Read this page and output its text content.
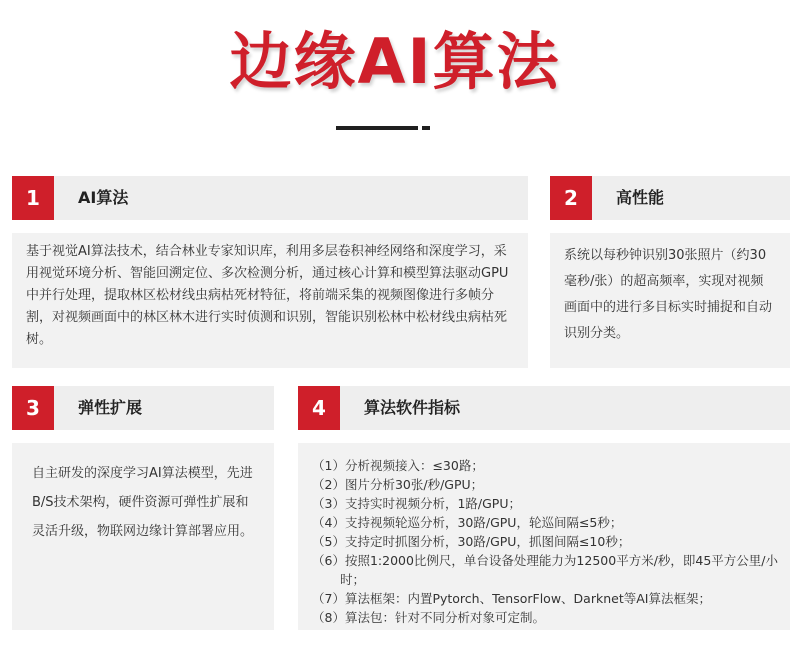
边缘AI算法
1	AI算法

基于视觉AI算法技术，结合林业专家知识库，利用多层卷积神经网络和深度学习，采用视觉环境分析、智能回溯定位、多次检测分析，通过核心计算和模型算法驱动GPU中并行处理，提取林区松材线虫病枯死材特征，将前端采集的视频图像进行多帧分割，对视频画面中的林区林木进行实时侦测和识别，智能识别松林中松材线虫病枯死树。

2	高性能

系统以每秒钟识别30张照片（约30毫秒/张）的超高频率，实现对视频画面中的进行多目标实时捕捉和自动识别分类。

3	弹性扩展

自主研发的深度学习AI算法模型，先进B/S技术架构，硬件资源可弹性扩展和灵活升级，物联网边缘计算部署应用。

4	算法软件指标

（1）分析视频接入：≤30路；

（2）图片分析30张/秒/GPU；

（3）支持实时视频分析，1路/GPU；

（4）支持视频轮巡分析，30路/GPU，轮巡间隔≤5秒；

（5）支持定时抓图分析，30路/GPU，抓图间隔≤10秒；

（6）按照1:2000比例尺，单台设备处理能力为12500平方米/秒，即45平方公里/小时；

（7）算法框架：内置Pytorch、TensorFlow、Darknet等AI算法框架；

（8）算法包：针对不同分析对象可定制。
